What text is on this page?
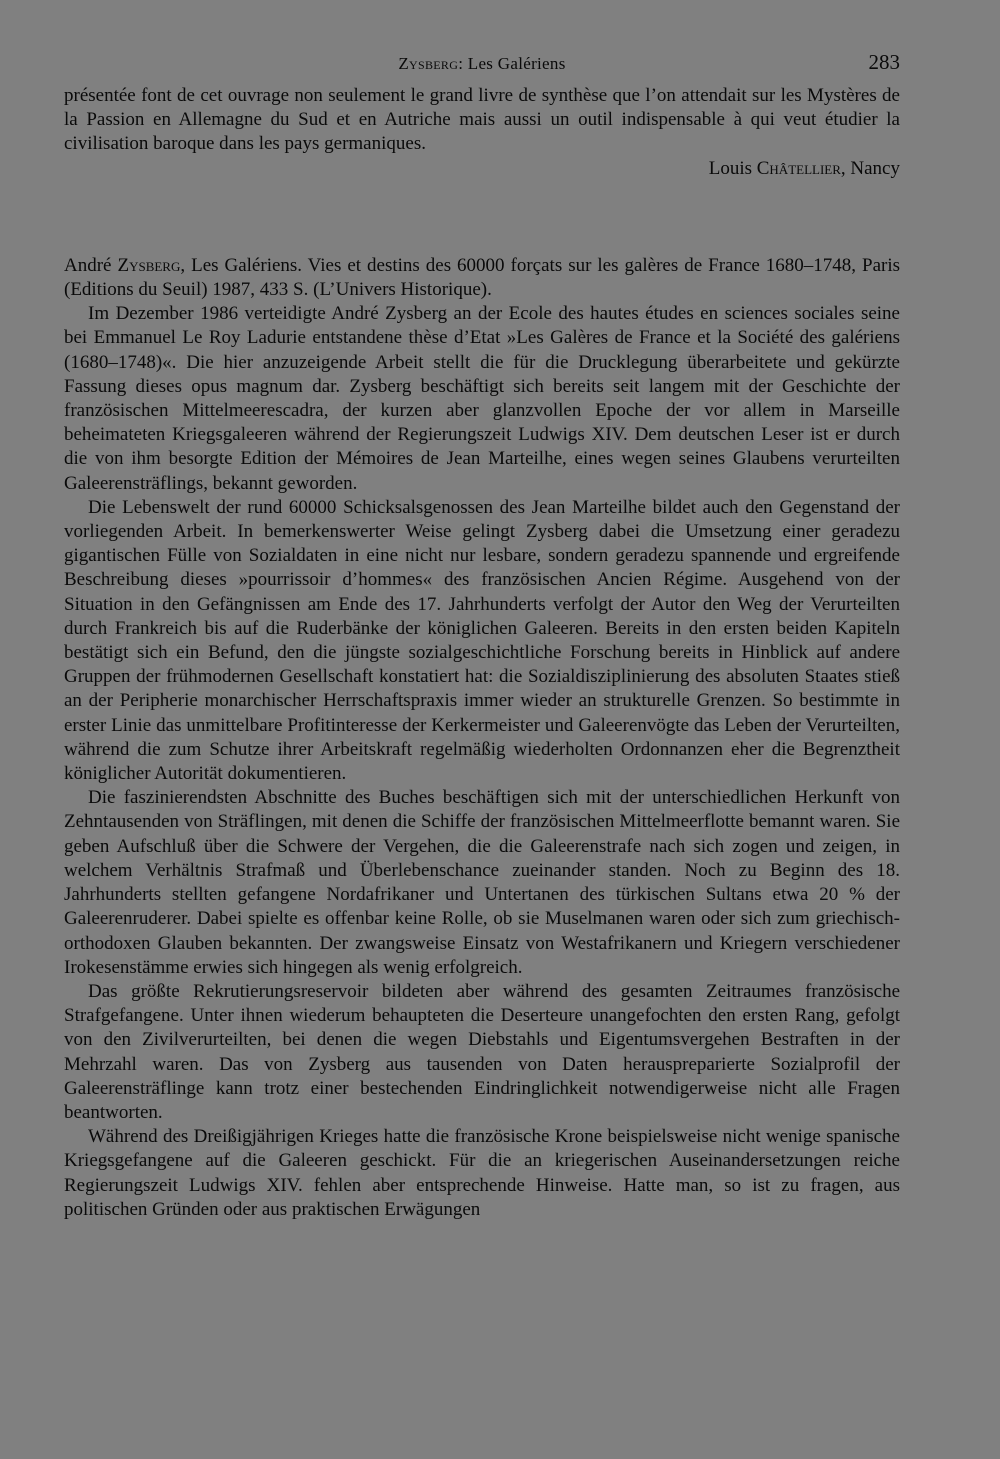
Zysberg: Les Galériens	283

présentée font de cet ouvrage non seulement le grand livre de synthèse que l’on attendait sur les Mystères de la Passion en Allemagne du Sud et en Autriche mais aussi un outil indispensable à qui veut étudier la civilisation baroque dans les pays germaniques.

Louis Châtellier, Nancy

André Zysberg, Les Galériens. Vies et destins des 60000 forçats sur les galères de France 1680–1748, Paris (Editions du Seuil) 1987, 433 S. (L’Univers Historique).

Im Dezember 1986 verteidigte André Zysberg an der Ecole des hautes études en sciences sociales seine bei Emmanuel Le Roy Ladurie entstandene thèse d’Etat »Les Galères de France et la Société des galériens (1680–1748)«. Die hier anzuzeigende Arbeit stellt die für die Drucklegung überarbeitete und gekürzte Fassung dieses opus magnum dar. Zysberg beschäftigt sich bereits seit langem mit der Geschichte der französischen Mittelmeerescadra, der kurzen aber glanzvollen Epoche der vor allem in Marseille beheimateten Kriegsgaleeren während der Regierungszeit Ludwigs XIV. Dem deutschen Leser ist er durch die von ihm besorgte Edition der Mémoires de Jean Marteilhe, eines wegen seines Glaubens verurteilten Galeerensträflings, bekannt geworden.

Die Lebenswelt der rund 60000 Schicksalsgenossen des Jean Marteilhe bildet auch den Gegenstand der vorliegenden Arbeit. In bemerkenswerter Weise gelingt Zysberg dabei die Umsetzung einer geradezu gigantischen Fülle von Sozialdaten in eine nicht nur lesbare, sondern geradezu spannende und ergreifende Beschreibung dieses »pourrissoir d’hommes« des französischen Ancien Régime. Ausgehend von der Situation in den Gefängnissen am Ende des 17. Jahrhunderts verfolgt der Autor den Weg der Verurteilten durch Frankreich bis auf die Ruderbänke der königlichen Galeeren. Bereits in den ersten beiden Kapiteln bestätigt sich ein Befund, den die jüngste sozialgeschichtliche Forschung bereits in Hinblick auf andere Gruppen der frühmodernen Gesellschaft konstatiert hat: die Sozialdisziplinierung des absoluten Staates stieß an der Peripherie monarchischer Herrschaftspraxis immer wieder an strukturelle Grenzen. So bestimmte in erster Linie das unmittelbare Profitinteresse der Kerkermeister und Galeerenvögte das Leben der Verurteilten, während die zum Schutze ihrer Arbeitskraft regelmäßig wiederholten Ordonnanzen eher die Begrenztheit königlicher Autorität dokumentieren.

Die faszinierendsten Abschnitte des Buches beschäftigen sich mit der unterschiedlichen Herkunft von Zehntausenden von Sträflingen, mit denen die Schiffe der französischen Mittelmeerflotte bemannt waren. Sie geben Aufschluß über die Schwere der Vergehen, die die Galeerenstrafe nach sich zogen und zeigen, in welchem Verhältnis Strafmaß und Überlebenschance zueinander standen. Noch zu Beginn des 18. Jahrhunderts stellten gefangene Nordafrikaner und Untertanen des türkischen Sultans etwa 20 % der Galeerenruderer. Dabei spielte es offenbar keine Rolle, ob sie Muselmanen waren oder sich zum griechisch-orthodoxen Glauben bekannten. Der zwangsweise Einsatz von Westafrikanern und Kriegern verschiedener Irokesenstämme erwies sich hingegen als wenig erfolgreich.

Das größte Rekrutierungsreservoir bildeten aber während des gesamten Zeitraumes französische Strafgefangene. Unter ihnen wiederum behaupteten die Deserteure unangefochten den ersten Rang, gefolgt von den Zivilverurteilten, bei denen die wegen Diebstahls und Eigentumsvergehen Bestraften in der Mehrzahl waren. Das von Zysberg aus tausenden von Daten herauspreparierte Sozialprofil der Galeerensträflinge kann trotz einer bestechenden Eindringlichkeit notwendigerweise nicht alle Fragen beantworten.

Während des Dreißigjährigen Krieges hatte die französische Krone beispielsweise nicht wenige spanische Kriegsgefangene auf die Galeeren geschickt. Für die an kriegerischen Auseinandersetzungen reiche Regierungszeit Ludwigs XIV. fehlen aber entsprechende Hinweise. Hatte man, so ist zu fragen, aus politischen Gründen oder aus praktischen Erwägungen
